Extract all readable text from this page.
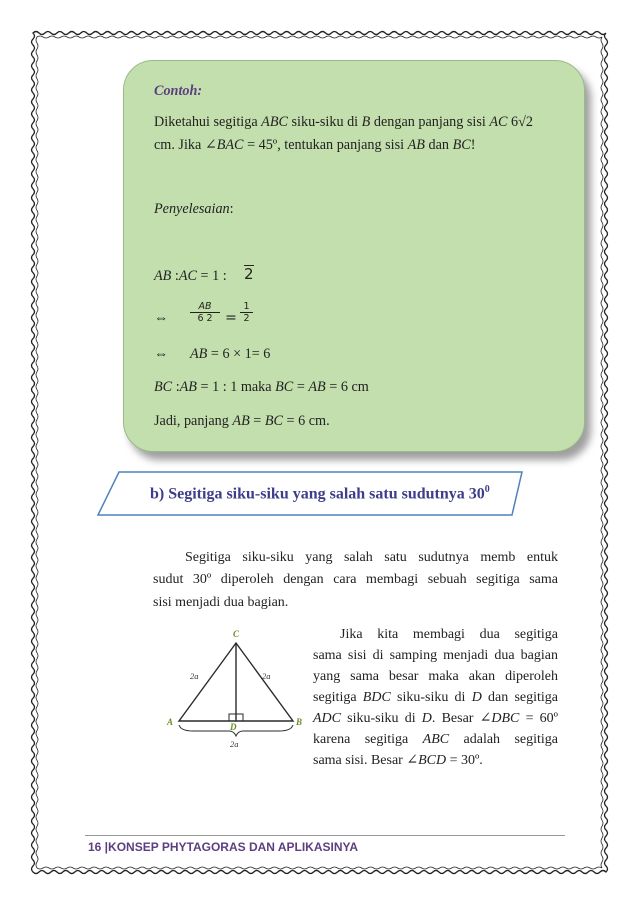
Contoh:
Diketahui segitiga ABC siku-siku di B dengan panjang sisi AC 6√2
cm. Jika ∠BAC = 45º, tentukan panjang sisi AB dan BC!
Penyelesaian:
AB :AC = 1 : 2
⇔ $\frac{AB}{6 2} = \frac{1}{2}$
⇔ AB = 6 × 1= 6
BC :AB = 1 : 1 maka BC = AB = 6 cm
Jadi, panjang AB = BC = 6 cm.
b) Segitiga siku-siku yang salah satu sudutnya $30^0$
Segitiga siku-siku yang salah satu sudutnya memb entuk
sudut 30º diperoleh dengan cara membagi sebuah segitiga sama
sisi menjadi dua bagian.
C
A	D	B
2a	2a
2a
Jika kita membagi dua segitiga
sama sisi di samping menjadi dua bagian
yang sama besar maka akan diperoleh
segitiga BDC siku-siku di D dan segitiga
ADC siku-siku di D. Besar ∠DBC = 60º
karena segitiga ABC adalah segitiga
sama sisi. Besar ∠BCD = 30º.
16 |KONSEP PHYTAGORAS DAN APLIKASINYA
